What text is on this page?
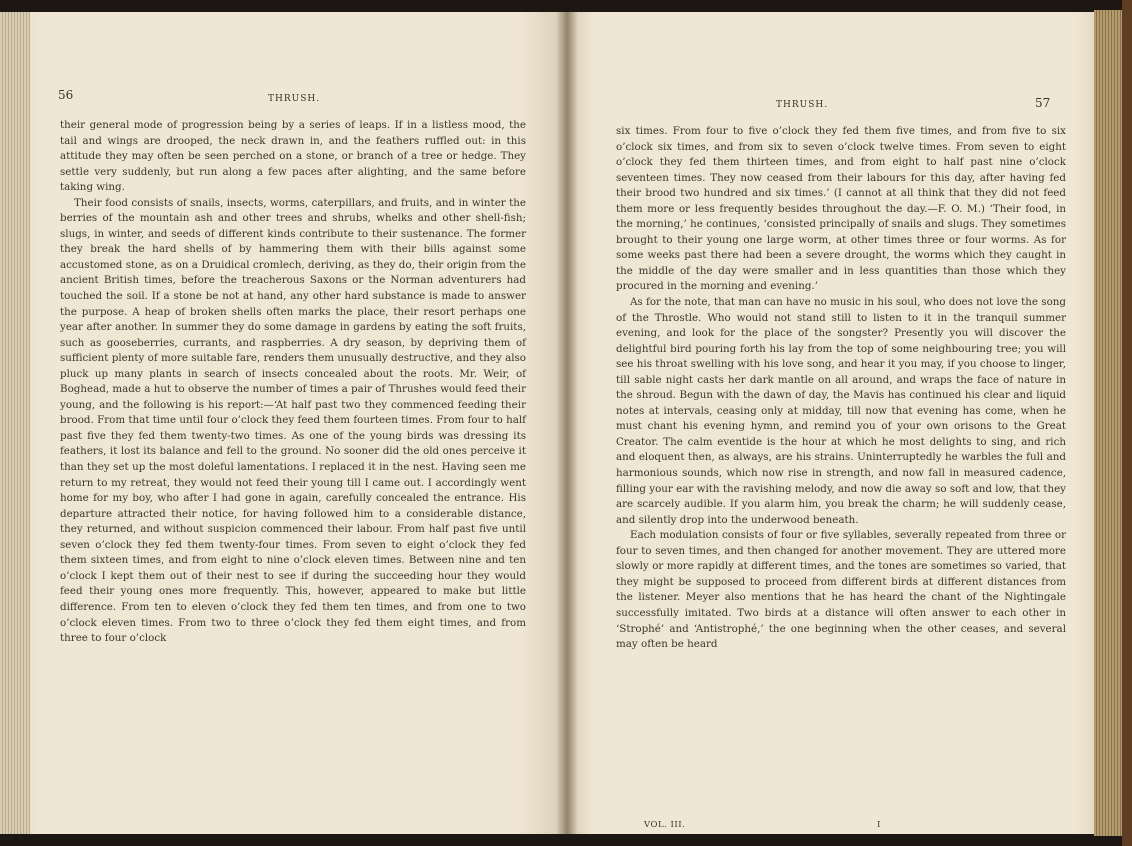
56	THRUSH.

their general mode of progression being by a series of leaps. If in a listless mood, the tail and wings are drooped, the neck drawn in, and the feathers ruffled out: in this attitude they may often be seen perched on a stone, or branch of a tree or hedge. They settle very suddenly, but run along a few paces after alighting, and the same before taking wing.

Their food consists of snails, insects, worms, caterpillars, and fruits, and in winter the berries of the mountain ash and other trees and shrubs, whelks and other shell-fish; slugs, in winter, and seeds of different kinds contribute to their sustenance. The former they break the hard shells of by hammering them with their bills against some accustomed stone, as on a Druidical cromlech, deriving, as they do, their origin from the ancient British times, before the treacherous Saxons or the Norman adventurers had touched the soil. If a stone be not at hand, any other hard substance is made to answer the purpose. A heap of broken shells often marks the place, their resort perhaps one year after another. In summer they do some damage in gardens by eating the soft fruits, such as gooseberries, currants, and raspberries. A dry season, by depriving them of sufficient plenty of more suitable fare, renders them unusually destructive, and they also pluck up many plants in search of insects concealed about the roots. Mr. Weir, of Boghead, made a hut to observe the number of times a pair of Thrushes would feed their young, and the following is his report:—‘At half past two they commenced feeding their brood. From that time until four o’clock they feed them fourteen times. From four to half past five they fed them twenty-two times. As one of the young birds was dressing its feathers, it lost its balance and fell to the ground. No sooner did the old ones perceive it than they set up the most doleful lamentations. I replaced it in the nest. Having seen me return to my retreat, they would not feed their young till I came out. I accordingly went home for my boy, who after I had gone in again, carefully concealed the entrance. His departure attracted their notice, for having followed him to a considerable distance, they returned, and without suspicion commenced their labour. From half past five until seven o’clock they fed them twenty-four times. From seven to eight o’clock they fed them sixteen times, and from eight to nine o’clock eleven times. Between nine and ten o’clock I kept them out of their nest to see if during the succeeding hour they would feed their young ones more frequently. This, however, appeared to make but little difference. From ten to eleven o’clock they fed them ten times, and from one to two o’clock eleven times. From two to three o’clock they fed them eight times, and from three to four o’clock

THRUSH.	57

six times. From four to five o’clock they fed them five times, and from five to six o’clock six times, and from six to seven o’clock twelve times. From seven to eight o’clock they fed them thirteen times, and from eight to half past nine o’clock seventeen times. They now ceased from their labours for this day, after having fed their brood two hundred and six times.’ (I cannot at all think that they did not feed them more or less frequently besides throughout the day.—F. O. M.) ‘Their food, in the morning,’ he continues, ‘consisted principally of snails and slugs. They sometimes brought to their young one large worm, at other times three or four worms. As for some weeks past there had been a severe drought, the worms which they caught in the middle of the day were smaller and in less quantities than those which they procured in the morning and evening.’

As for the note, that man can have no music in his soul, who does not love the song of the Throstle. Who would not stand still to listen to it in the tranquil summer evening, and look for the place of the songster? Presently you will discover the delightful bird pouring forth his lay from the top of some neighbouring tree; you will see his throat swelling with his love song, and hear it you may, if you choose to linger, till sable night casts her dark mantle on all around, and wraps the face of nature in the shroud. Begun with the dawn of day, the Mavis has continued his clear and liquid notes at intervals, ceasing only at midday, till now that evening has come, when he must chant his evening hymn, and remind you of your own orisons to the Great Creator. The calm eventide is the hour at which he most delights to sing, and rich and eloquent then, as always, are his strains. Uninterruptedly he warbles the full and harmonious sounds, which now rise in strength, and now fall in measured cadence, filling your ear with the ravishing melody, and now die away so soft and low, that they are scarcely audible. If you alarm him, you break the charm; he will suddenly cease, and silently drop into the underwood beneath.

Each modulation consists of four or five syllables, severally repeated from three or four to seven times, and then changed for another movement. They are uttered more slowly or more rapidly at different times, and the tones are sometimes so varied, that they might be supposed to proceed from different birds at different distances from the listener. Meyer also mentions that he has heard the chant of the Nightingale successfully imitated. Two birds at a distance will often answer to each other in ‘Strophé’ and ‘Antistrophé,’ the one beginning when the other ceases, and several may often be heard

VOL. III.	I
